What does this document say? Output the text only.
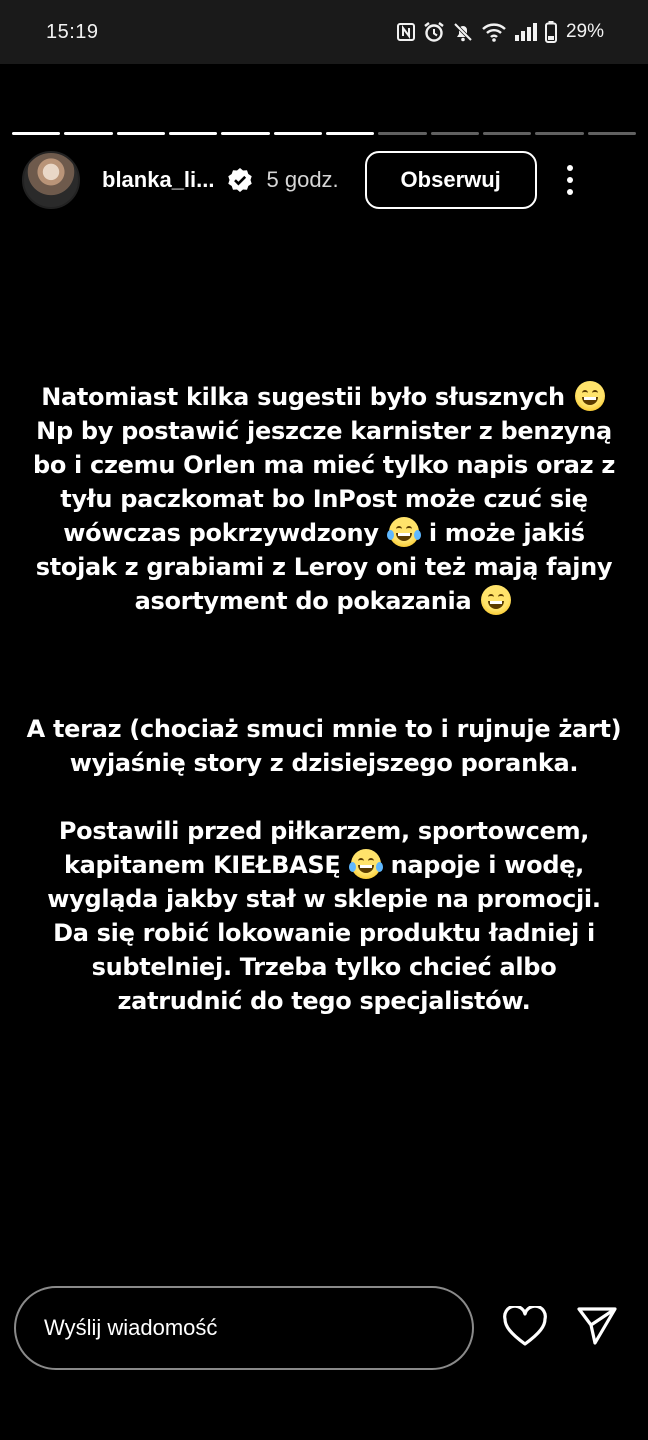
15:19	29%
blanka_li... 5 godz.	Obserwuj
Natomiast kilka sugestii było słusznych
Np by postawić jeszcze karnister z benzyną
bo i czemu Orlen ma mieć tylko napis oraz z
tyłu paczkomat bo InPost może czuć się
wówczas pokrzywdzony i może jakiś
stojak z grabiami z Leroy oni też mają fajny
asortyment do pokazania
A teraz (chociaż smuci mnie to i rujnuje żart)
wyjaśnię story z dzisiejszego poranka.
Postawili przed piłkarzem, sportowcem,
kapitanem KIEŁBASĘ napoje i wodę,
wygląda jakby stał w sklepie na promocji.
Da się robić lokowanie produktu ładniej i
subtelniej. Trzeba tylko chcieć albo
zatrudnić do tego specjalistów.
Wyślij wiadomość
